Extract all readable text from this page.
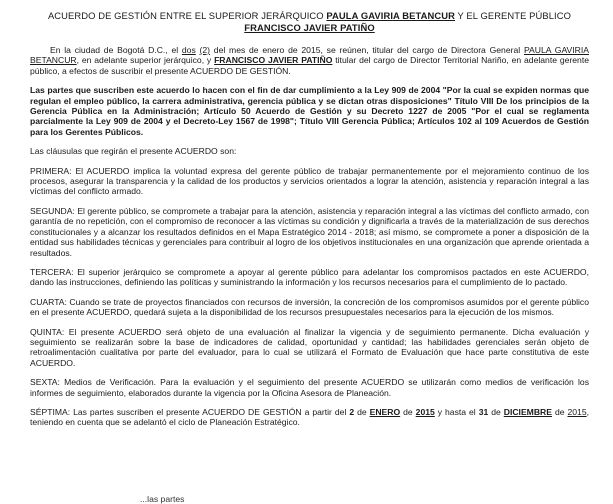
ACUERDO DE GESTIÓN ENTRE EL SUPERIOR JERÁRQUICO PAULA GAVIRIA BETANCUR Y EL GERENTE PÚBLICO FRANCISCO JAVIER PATIÑO

En la ciudad de Bogotá D.C., el dos (2) del mes de enero de 2015, se reúnen, titular del cargo de Directora General PAULA GAVIRIA BETANCUR, en adelante superior jerárquico, y FRANCISCO JAVIER PATIÑO titular del cargo de Director Territorial Nariño, en adelante gerente público, a efectos de suscribir el presente ACUERDO DE GESTIÓN.

Las partes que suscriben este acuerdo lo hacen con el fin de dar cumplimiento a la Ley 909 de 2004 "Por la cual se expiden normas que regulan el empleo público, la carrera administrativa, gerencia pública y se dictan otras disposiciones" Título VIII De los principios de la Gerencia Pública en la Administración; Artículo 50 Acuerdo de Gestión y su Decreto 1227 de 2005 "Por el cual se reglamenta parcialmente la Ley 909 de 2004 y el Decreto-Ley 1567 de 1998"; Título VIII Gerencia Pública; Artículos 102 al 109 Acuerdos de Gestión para los Gerentes Públicos.

Las cláusulas que regirán el presente ACUERDO son:

PRIMERA: El ACUERDO implica la voluntad expresa del gerente público de trabajar permanentemente por el mejoramiento continuo de los procesos, asegurar la transparencia y la calidad de los productos y servicios orientados a lograr la atención, asistencia y reparación integral a las víctimas del conflicto armado.

SEGUNDA: El gerente público, se compromete a trabajar para la atención, asistencia y reparación integral a las víctimas del conflicto armado, con garantía de no repetición, con el compromiso de reconocer a las víctimas su condición y dignificarla a través de la materialización de sus derechos constitucionales y a alcanzar los resultados definidos en el Mapa Estratégico 2014 - 2018; así mismo, se compromete a poner a disposición de la entidad sus habilidades técnicas y gerenciales para contribuir al logro de los objetivos institucionales en una organización que aprende orientada a resultados.

TERCERA: El superior jerárquico se compromete a apoyar al gerente público para adelantar los compromisos pactados en este ACUERDO, dando las instrucciones, definiendo las políticas y suministrando la información y los recursos necesarios para el cumplimiento de lo pactado.

CUARTA: Cuando se trate de proyectos financiados con recursos de inversión, la concreción de los compromisos asumidos por el gerente público en el presente ACUERDO, quedará sujeta a la disponibilidad de los recursos presupuestales necesarios para la ejecución de los mismos.

QUINTA: El presente ACUERDO será objeto de una evaluación al finalizar la vigencia y de seguimiento permanente. Dicha evaluación y seguimiento se realizarán sobre la base de indicadores de calidad, oportunidad y cantidad; las habilidades gerenciales serán objeto de retroalimentación cualitativa por parte del evaluador, para lo cual se utilizará el Formato de Evaluación que hace parte constitutiva de este ACUERDO.

SEXTA: Medios de Verificación. Para la evaluación y el seguimiento del presente ACUERDO se utilizarán como medios de verificación los informes de seguimiento, elaborados durante la vigencia por la Oficina Asesora de Planeación.

SÉPTIMA: Las partes suscriben el presente ACUERDO DE GESTIÓN a partir del 2 de ENERO de 2015 y hasta el 31 de DICIEMBRE de 2015, teniendo en cuenta que se adelantó el ciclo de Planeación Estratégico.

...las partes
